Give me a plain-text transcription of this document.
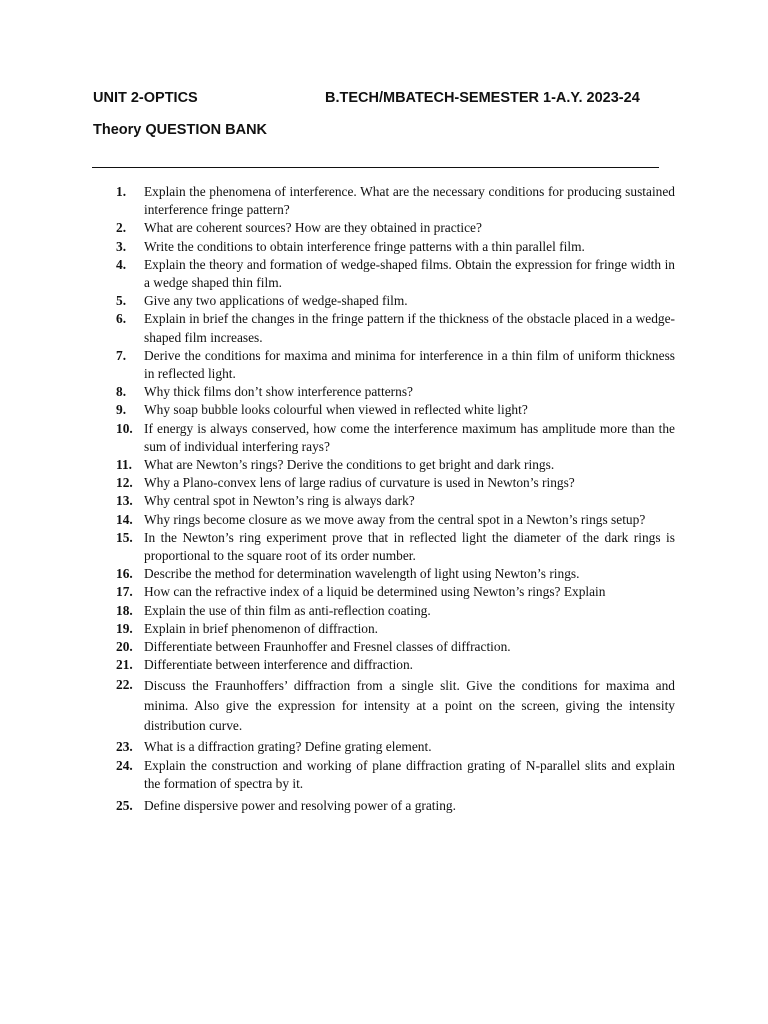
UNIT 2-OPTICS	B.TECH/MBATECH-SEMESTER 1-A.Y. 2023-24
Theory QUESTION BANK
1.	Explain the phenomena of interference. What are the necessary conditions for producing sustained interference fringe pattern?
2.	What are coherent sources? How are they obtained in practice?
3.	Write the conditions to obtain interference fringe patterns with a thin parallel film.
4.	Explain the theory and formation of wedge-shaped films. Obtain the expression for fringe width in a wedge shaped thin film.
5.	Give any two applications of wedge-shaped film.
6.	Explain in brief the changes in the fringe pattern if the thickness of the obstacle placed in a wedge-shaped film increases.
7.	Derive the conditions for maxima and minima for interference in a thin film of uniform thickness in reflected light.
8.	Why thick films don’t show interference patterns?
9.	Why soap bubble looks colourful when viewed in reflected white light?
10. If energy is always conserved, how come the interference maximum has amplitude more than the sum of individual interfering rays?
11. What are Newton’s rings? Derive the conditions to get bright and dark rings.
12. Why a Plano-convex lens of large radius of curvature is used in Newton’s rings?
13. Why central spot in Newton’s ring is always dark?
14. Why rings become closure as we move away from the central spot in a Newton’s rings setup?
15. In the Newton’s ring experiment prove that in reflected light the diameter of the dark rings is proportional to the square root of its order number.
16. Describe the method for determination wavelength of light using Newton’s rings.
17. How can the refractive index of a liquid be determined using Newton’s rings? Explain
18. Explain the use of thin film as anti-reflection coating.
19. Explain in brief phenomenon of diffraction.
20. Differentiate between Fraunhoffer and Fresnel classes of diffraction.
21. Differentiate between interference and diffraction.
22. Discuss the Fraunhoffers’ diffraction from a single slit. Give the conditions for maxima and minima. Also give the expression for intensity at a point on the screen, giving the intensity distribution curve.
23. What is a diffraction grating? Define grating element.
24. Explain the construction and working of plane diffraction grating of N-parallel slits and explain the formation of spectra by it.
25. Define dispersive power and resolving power of a grating.
